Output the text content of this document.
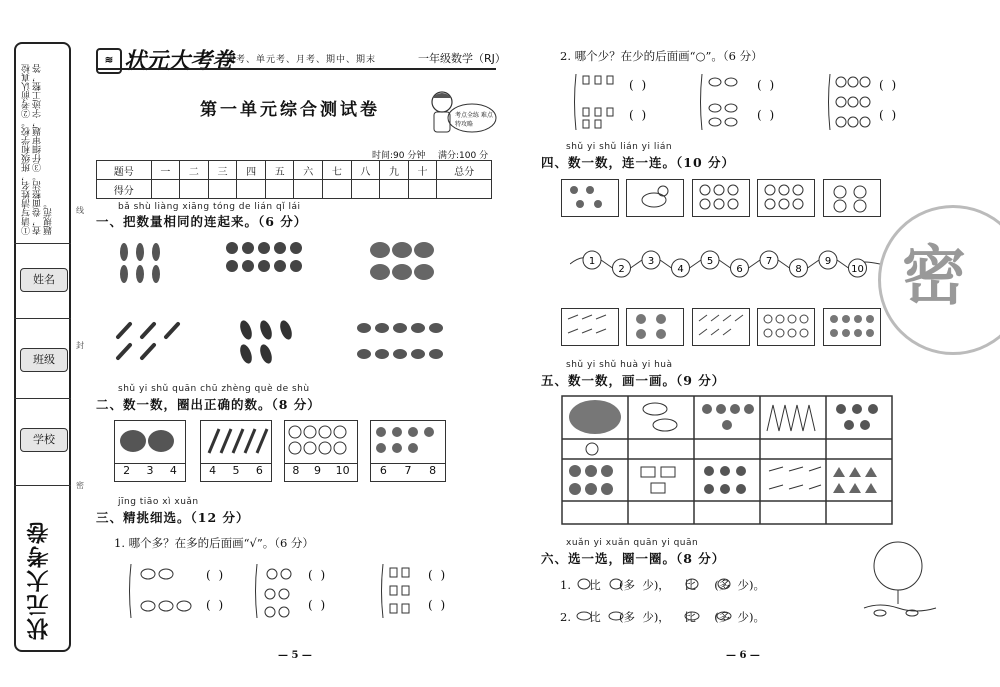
①请写清姓名，班级和学校。②考前认真检查，卷面整洁。③仔细审题，字迹工整，答题规范。
姓名
班级
学校
状元大考卷
线
封
密
≋ 状元大考卷
周考、单元考、月考、期中、期末	一年级数学（RJ）
第一单元综合测试卷	考点全练 难点特攻略
时间:90 分钟 满分:100 分
题号	一	二	三	四	五	六	七	八	九	十	总分
得分											
bǎ shù liàng xiāng tóng de lián qǐ lái
一、把数量相同的连起来。（6 分）
shǔ yi shǔ quān chū zhèng què de shù
二、数一数，圈出正确的数。（8 分）
2 3 4	4 5 6	8 9 10	6 7 8
jīng tiāo xì xuǎn
三、精挑细选。（12 分）
1. 哪个多？在多的后面画“√”。（6 分）
( )
( )
( )
( )
( )
( )
— 5 —
2. 哪个少？在少的后面画“○”。（6 分）
( )
( )
( )
( )
( )
( )
shǔ yi shǔ lián yi lián
四、数一数，连一连。（10 分）
1
2
3
4
5
6
7
8
9
10
shǔ yi shǔ huà yi huà
五、数一数，画一画。（9 分）
xuǎn yi xuǎn quān yi quān
六、选一选，圈一圈。（8 分）
1.     比     (多  少)，    比     (多  少)。
2.     比     (多  少)，    比     (多  少)。
— 6 —
密
